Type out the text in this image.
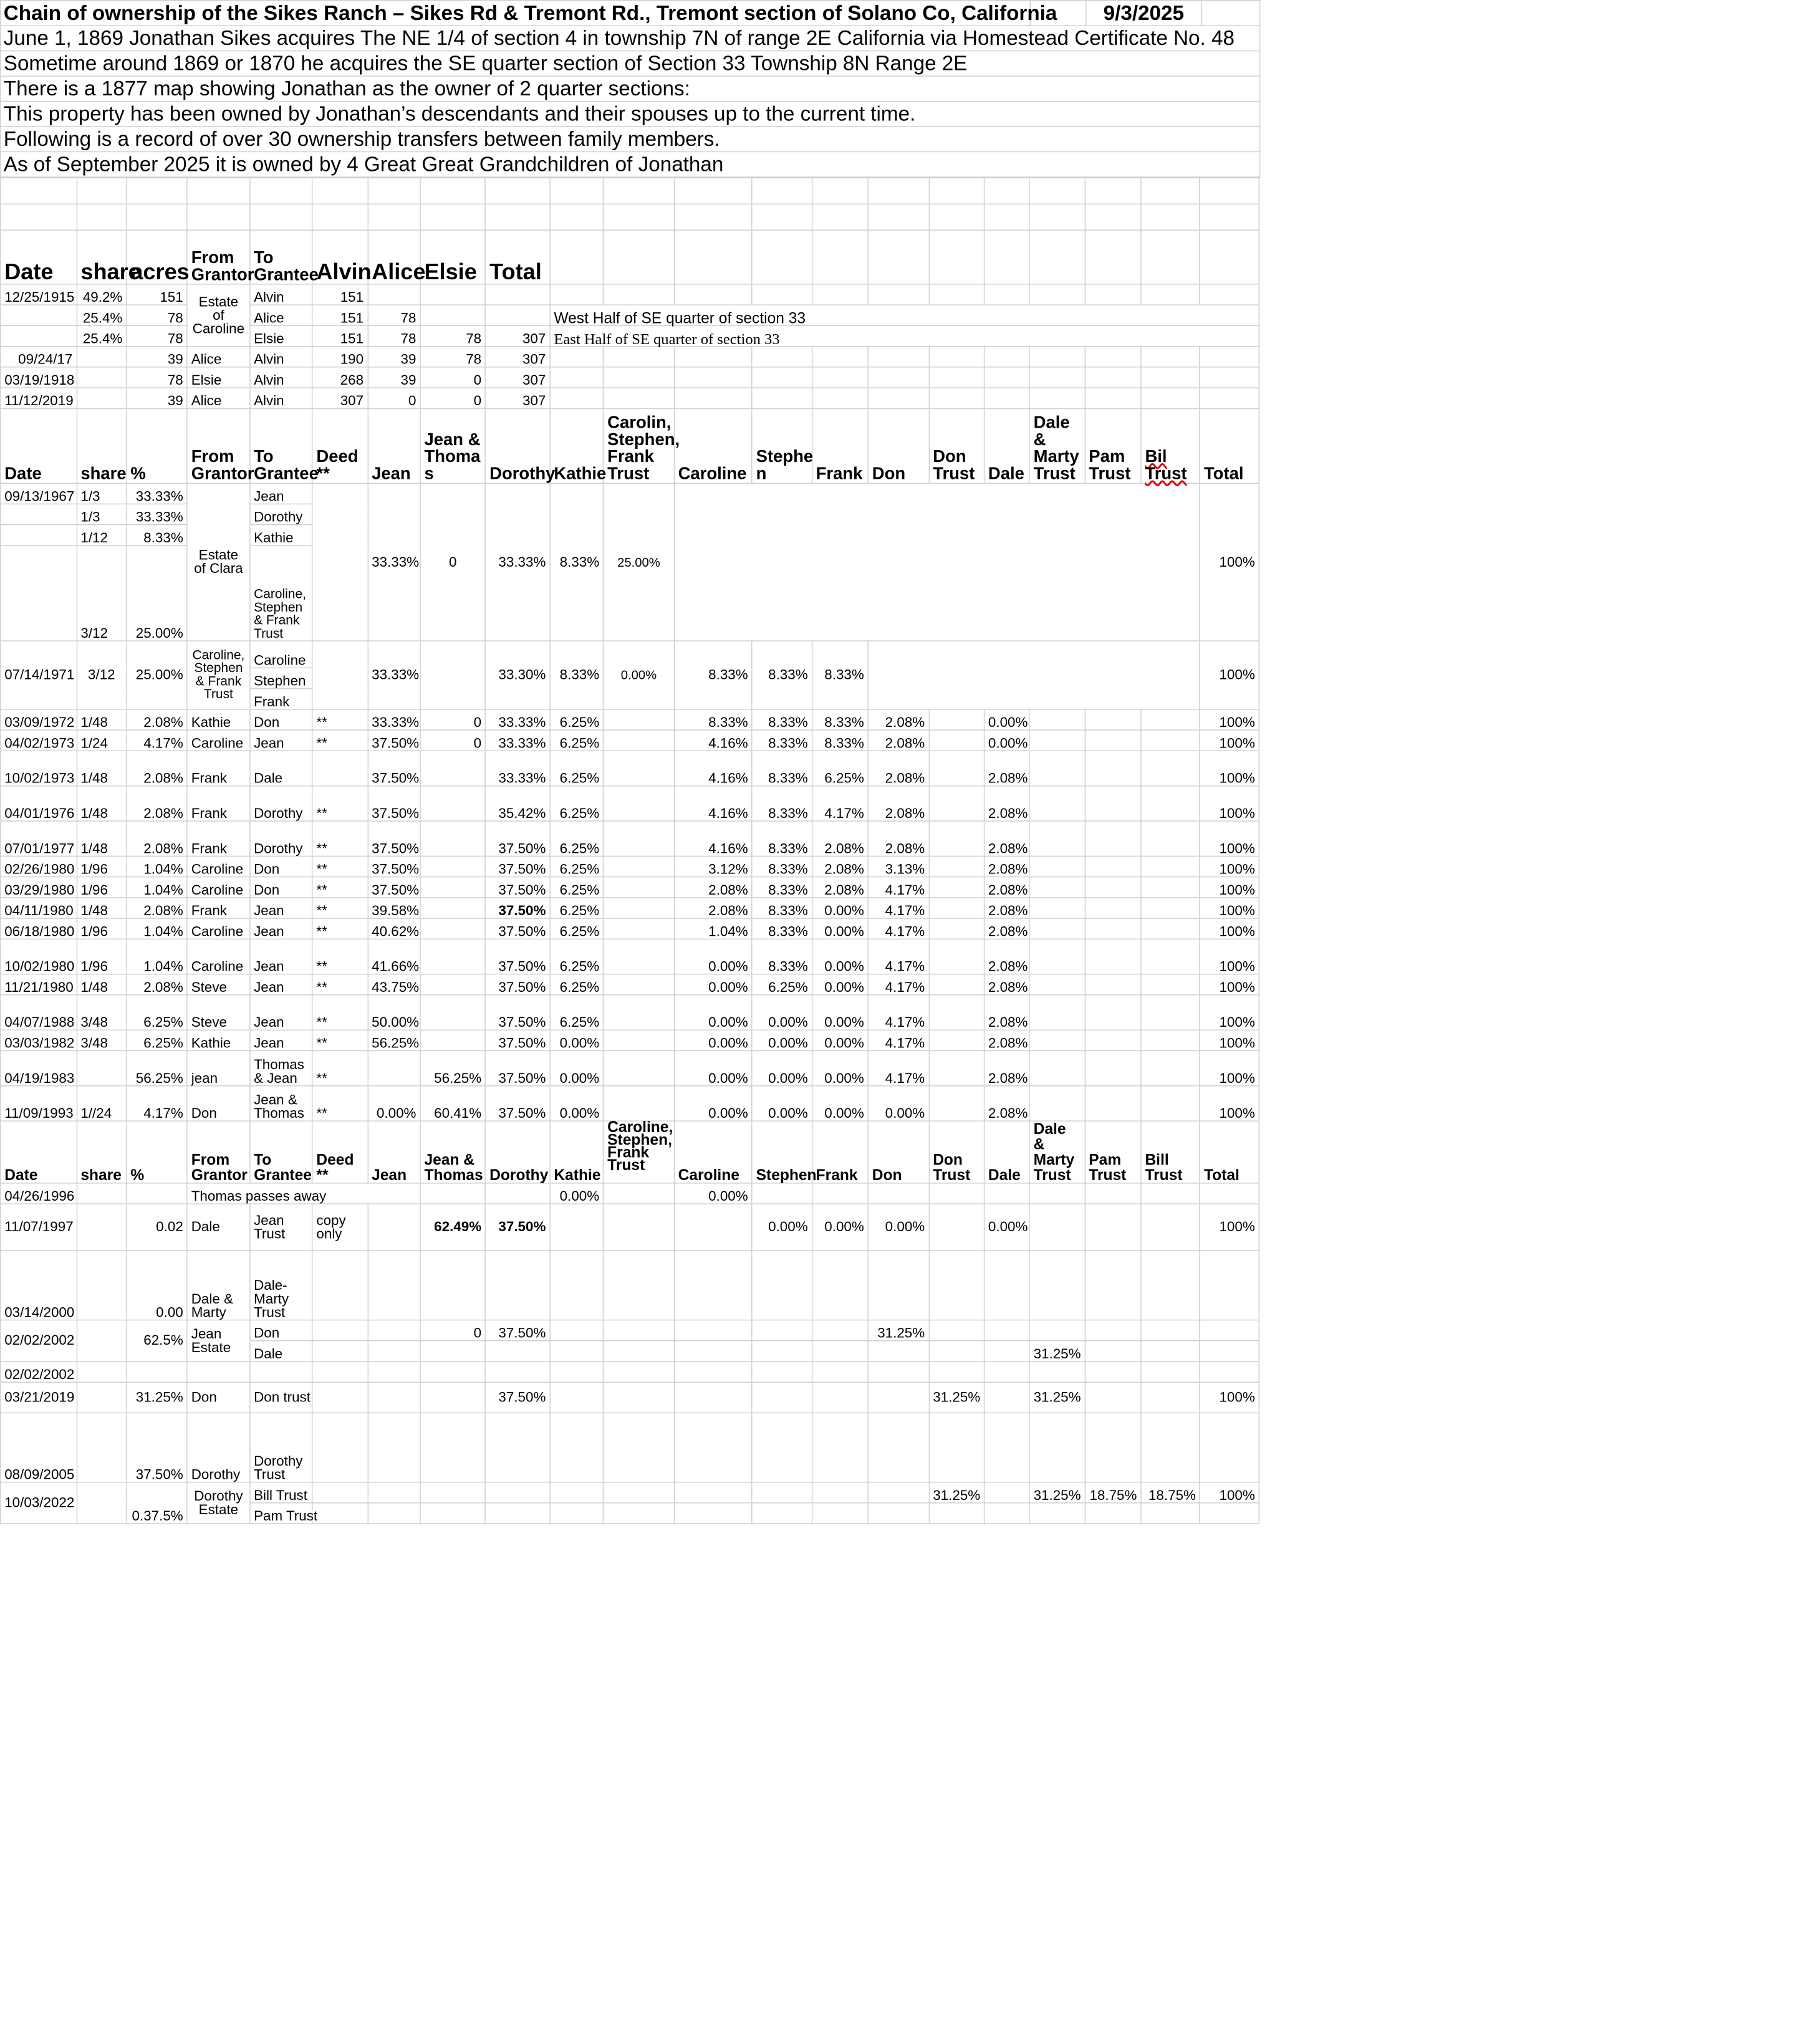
Chain of ownership of the Sikes Ranch – Sikes Rd & Tremont Rd., Tremont section of Solano Co, California		9/3/2025	
June 1, 1869 Jonathan Sikes acquires The NE 1/4 of section 4 in township 7N of range 2E California via Homestead Certificate No. 48
Sometime around 1869 or 1870 he acquires the SE quarter section of Section 33 Township 8N Range 2E
There is a 1877 map showing Jonathan as the owner of 2 quarter sections:
This property has been owned by Jonathan’s descendants and their spouses up to the current time.
Following is a record of over 30 ownership transfers between family members.
As of September 2025 it is owned by 4 Great Great Grandchildren of Jonathan

Date	share	acres	From Grantor	To Grantee	Alvin	Alice	Elsie	Total												
12/25/1915	49.2%	151	Estate of Caroline	Alvin	151															
	25.4%	78		Alice	151	78			West Half of SE quarter of section 33											
	25.4%	78		Elsie	151	78	78	307	East Half of SE quarter of section 33											
09/24/17		39	Alice	Alvin	190	39	78	307												
03/19/1918		78	Elsie	Alvin	268	39	0	307												
11/12/2019		39	Alice	Alvin	307	0	0	307												
Date	share	%	From Grantor	To Grantee	Deed **	Jean	Jean & Thoma s	Dorothy	Kathie	Carolin, Stephen, Frank Trust	Caroline	Stephe n	Frank	Don	Don Trust	Dale	Dale & Marty Trust	Pam Trust	Bil Trust	Total
09/13/1967	1/3	33.33%	Estate of Clara	Jean		33.33%	0	33.33%	8.33%	25.00%										100%
	1/3	33.33%		Dorothy																
	1/12	8.33%		Kathie																
	3/12	25.00%		Caroline, Stephen & Frank Trust																
07/14/1971	3/12	25.00%	Caroline, Stephen & Frank Trust	Caroline		33.33%		33.30%	8.33%	0.00%	8.33%	8.33%	8.33%							100%
				Stephen																
				Frank																
03/09/1972	1/48	2.08%	Kathie	Don	**	33.33%	0	33.33%	6.25%		8.33%	8.33%	8.33%	2.08%		0.00%				100%
04/02/1973	1/24	4.17%	Caroline	Jean	**	37.50%	0	33.33%	6.25%		4.16%	8.33%	8.33%	2.08%		0.00%				100%
10/02/1973	1/48	2.08%	Frank	Dale		37.50%		33.33%	6.25%		4.16%	8.33%	6.25%	2.08%		2.08%				100%
04/01/1976	1/48	2.08%	Frank	Dorothy	**	37.50%		35.42%	6.25%		4.16%	8.33%	4.17%	2.08%		2.08%				100%
07/01/1977	1/48	2.08%	Frank	Dorothy	**	37.50%		37.50%	6.25%		4.16%	8.33%	2.08%	2.08%		2.08%				100%
02/26/1980	1/96	1.04%	Caroline	Don	**	37.50%		37.50%	6.25%		3.12%	8.33%	2.08%	3.13%		2.08%				100%
03/29/1980	1/96	1.04%	Caroline	Don	**	37.50%		37.50%	6.25%		2.08%	8.33%	2.08%	4.17%		2.08%				100%
04/11/1980	1/48	2.08%	Frank	Jean	**	39.58%		37.50%	6.25%		2.08%	8.33%	0.00%	4.17%		2.08%				100%
06/18/1980	1/96	1.04%	Caroline	Jean	**	40.62%		37.50%	6.25%		1.04%	8.33%	0.00%	4.17%		2.08%				100%
10/02/1980	1/96	1.04%	Caroline	Jean	**	41.66%		37.50%	6.25%		0.00%	8.33%	0.00%	4.17%		2.08%				100%
11/21/1980	1/48	2.08%	Steve	Jean	**	43.75%		37.50%	6.25%		0.00%	6.25%	0.00%	4.17%		2.08%				100%
04/07/1988	3/48	6.25%	Steve	Jean	**	50.00%		37.50%	6.25%		0.00%	0.00%	0.00%	4.17%		2.08%				100%
03/03/1982	3/48	6.25%	Kathie	Jean	**	56.25%		37.50%	0.00%		0.00%	0.00%	0.00%	4.17%		2.08%				100%
04/19/1983		56.25%	jean	Thomas & Jean	**		56.25%	37.50%	0.00%		0.00%	0.00%	0.00%	4.17%		2.08%				100%
11/09/1993	1//24	4.17%	Don	Jean & Thomas	**	0.00%	60.41%	37.50%	0.00%		0.00%	0.00%	0.00%	0.00%		2.08%				100%
Date	share	%	From Grantor	To Grantee	Deed **	Jean	Jean & Thomas	Dorothy	Kathie	Caroline, Stephen, Frank Trust	Caroline	Stephen	Frank	Don	Don Trust	Dale	Dale & Marty Trust	Pam Trust	Bill Trust	Total
04/26/1996			Thomas passes away						0.00%		0.00%									
11/07/1997		0.02	Dale	Jean Trust	copy only		62.49%	37.50%				0.00%	0.00%	0.00%		0.00%				100%
03/14/2000		0.00	Dale & Marty	Dale-Marty Trust																
02/02/2002		62.5%	Jean Estate	Don			0	37.50%						31.25%						
				Dale													31.25%			
02/02/2002																				
03/21/2019		31.25%	Don	Don trust				37.50%							31.25%		31.25%			100%
08/09/2005		37.50%	Dorothy	Dorothy Trust																
10/03/2022		0.37.5%	Dorothy Estate	Bill Trust											31.25%		31.25%	18.75%	18.75%	100%
				Pam Trust																
